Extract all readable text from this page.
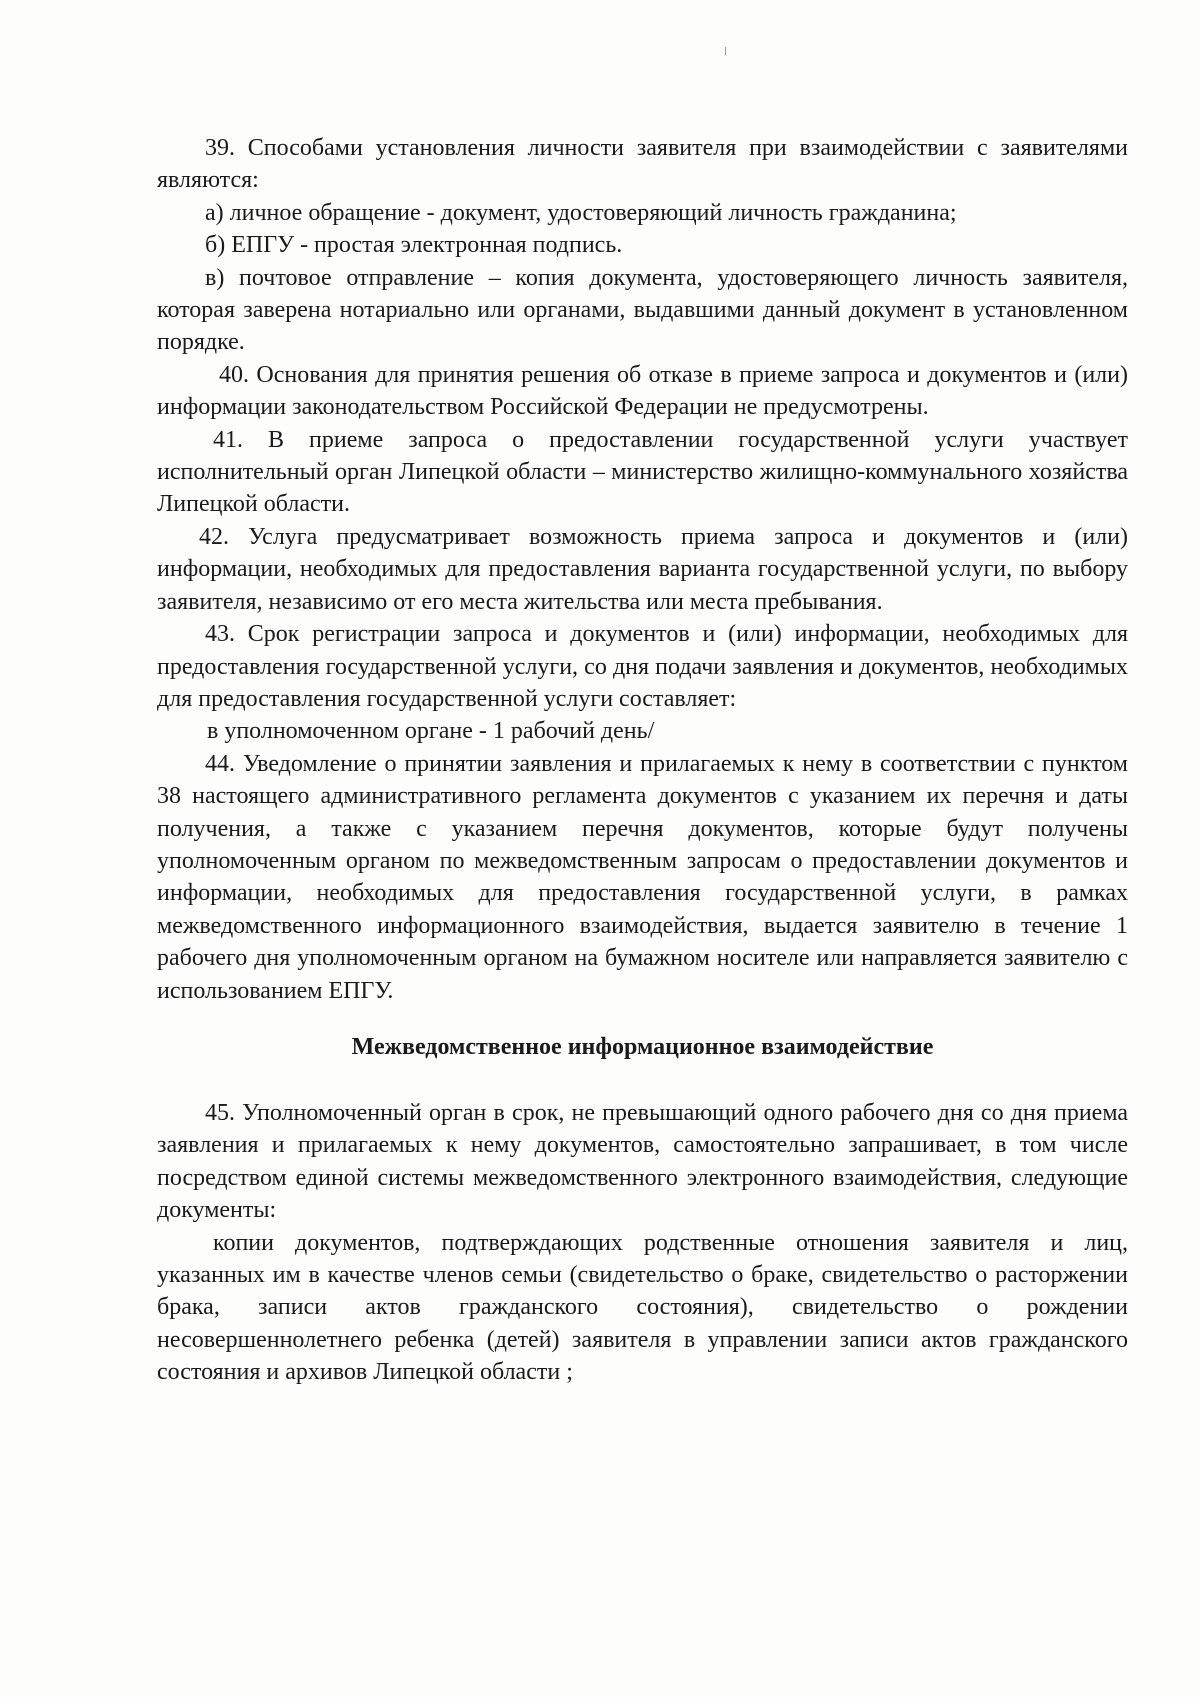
39. Способами установления личности заявителя при взаимодействии с заявителями являются:

а) личное обращение - документ, удостоверяющий личность гражданина;

б) ЕПГУ - простая электронная подпись.

в) почтовое отправление – копия документа, удостоверяющего личность заявителя, которая заверена нотариально или органами, выдавшими данный документ в установленном порядке.

40. Основания для принятия решения об отказе в приеме запроса и документов и (или) информации законодательством Российской Федерации не предусмотрены.

41. В приеме запроса о предоставлении государственной услуги участвует исполнительный орган Липецкой области – министерство жилищно-коммунального хозяйства Липецкой области.

42. Услуга предусматривает возможность приема запроса и документов и (или) информации, необходимых для предоставления варианта государственной услуги, по выбору заявителя, независимо от его места жительства или места пребывания.

43. Срок регистрации запроса и документов и (или) информации, необходимых для предоставления государственной услуги, со дня подачи заявления и документов, необходимых для предоставления государственной услуги составляет:

в уполномоченном органе - 1 рабочий день/

44. Уведомление о принятии заявления и прилагаемых к нему в соответствии с пунктом 38 настоящего административного регламента документов с указанием их перечня и даты получения, а также с указанием перечня документов, которые будут получены уполномоченным органом по межведомственным запросам о предоставлении документов и информации, необходимых для предоставления государственной услуги, в рамках межведомственного информационного взаимодействия, выдается заявителю в течение 1 рабочего дня уполномоченным органом на бумажном носителе или направляется заявителю с использованием ЕПГУ.

Межведомственное информационное взаимодействие

45. Уполномоченный орган в срок, не превышающий одного рабочего дня со дня приема заявления и прилагаемых к нему документов, самостоятельно запрашивает, в том числе посредством единой системы межведомственного электронного взаимодействия, следующие документы:

копии документов, подтверждающих родственные отношения заявителя и лиц, указанных им в качестве членов семьи (свидетельство о браке, свидетельство о расторжении брака, записи актов гражданского состояния), свидетельство о рождении несовершеннолетнего ребенка (детей) заявителя в управлении записи актов гражданского состояния и архивов Липецкой области ;
